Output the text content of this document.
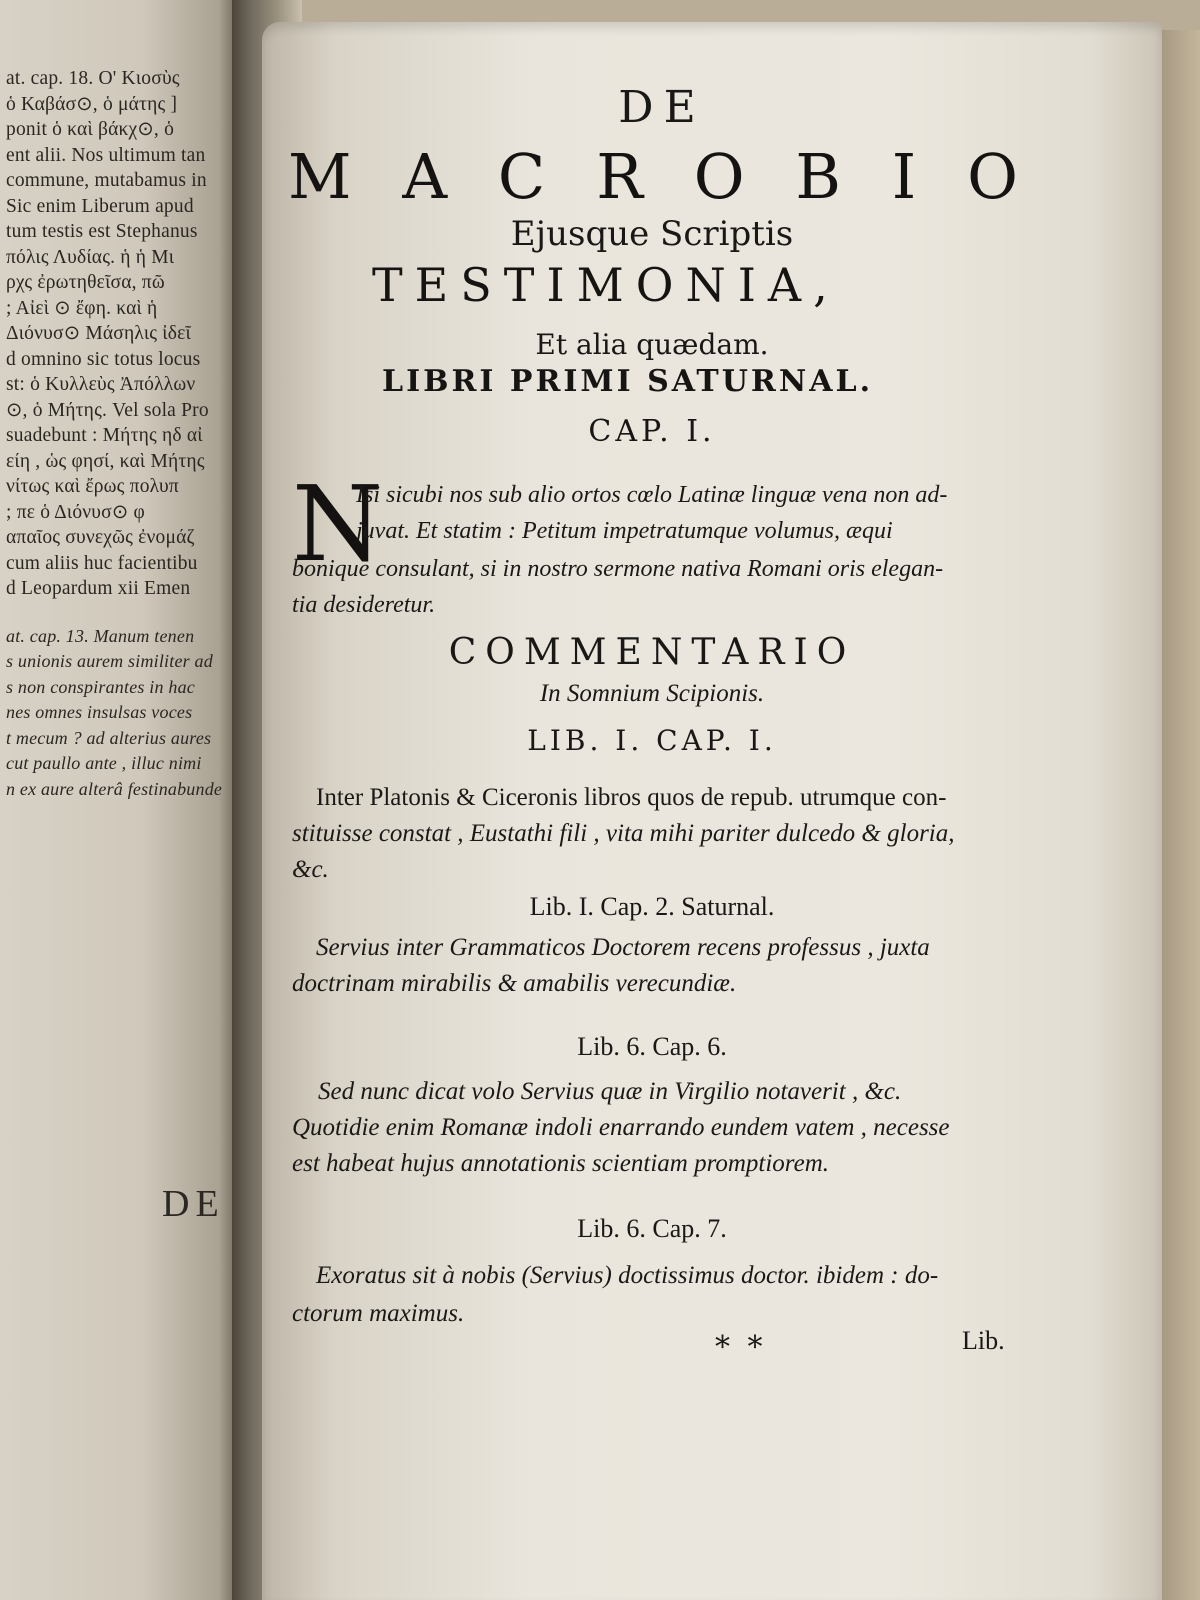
at. cap. 18. O' Κιοσὺς
ὁ Καβάσ⊙, ὁ μάτης ]
ponit ὁ καὶ βάκχ⊙, ὁ
ent alii. Nos ultimum tan
commune, mutabamus in
Sic enim Liberum apud
tum testis est Stephanus
πόλις Λυδίας. ἡ ἡ Μι
ρχς ἐρωτηθεῖσα, πῶ
; Αἰεὶ ⊙ ἔφη. καὶ ἡ
Διόνυσ⊙ Μάσηλις ἰδεῖ
d omnino sic totus locus
st: ὁ Κυλλεὺς Ἀπόλλων
⊙, ὁ Μήτης. Vel sola Pro
suadebunt : Μήτης ηδ αἰ
είη , ὡς φησί, καὶ Μήτης
νίτως καὶ ἔρως πολυπ
; πε ὁ Διόνυσ⊙ φ
απαῖος συνεχῶς ἐνομάζ
cum aliis huc facientibu
d Leopardum xii Emen
at. cap. 13. Manum tenen
s unionis aurem similiter ad
s non conspirantes in hac
nes omnes insulsas voces
t mecum ? ad alterius aures
cut paullo ante , illuc nimi
n ex aure alterâ festinabunde
DE
DE
M A C R O B I O
Ejusque Scriptis
TESTIMONIA,
Et alia quædam.
LIBRI PRIMI SATURNAL.
CAP. I.
N
Isi sicubi nos sub alio ortos cœlo Latinæ linguæ vena non ad-
juvat. Et statim : Petitum impetratumque volumus, æqui
bonique consulant, si in nostro sermone nativa Romani oris elegan-
tia desideretur.
COMMENTARIO
In Somnium Scipionis.
LIB. I. CAP. I.
Inter Platonis & Ciceronis libros quos de repub. utrumque con-
stituisse constat , Eustathi fili , vita mihi pariter dulcedo & gloria,
&c.
Lib. I. Cap. 2. Saturnal.
Servius inter Grammaticos Doctorem recens professus , juxta
doctrinam mirabilis & amabilis verecundiæ.
Lib. 6. Cap. 6.
Sed nunc dicat volo Servius quæ in Virgilio notaverit , &c.
Quotidie enim Romanæ indoli enarrando eundem vatem , necesse
est habeat hujus annotationis scientiam promptiorem.
Lib. 6. Cap. 7.
Exoratus sit à nobis (Servius) doctissimus doctor. ibidem : do-
ctorum maximus.
* *	Lib.
